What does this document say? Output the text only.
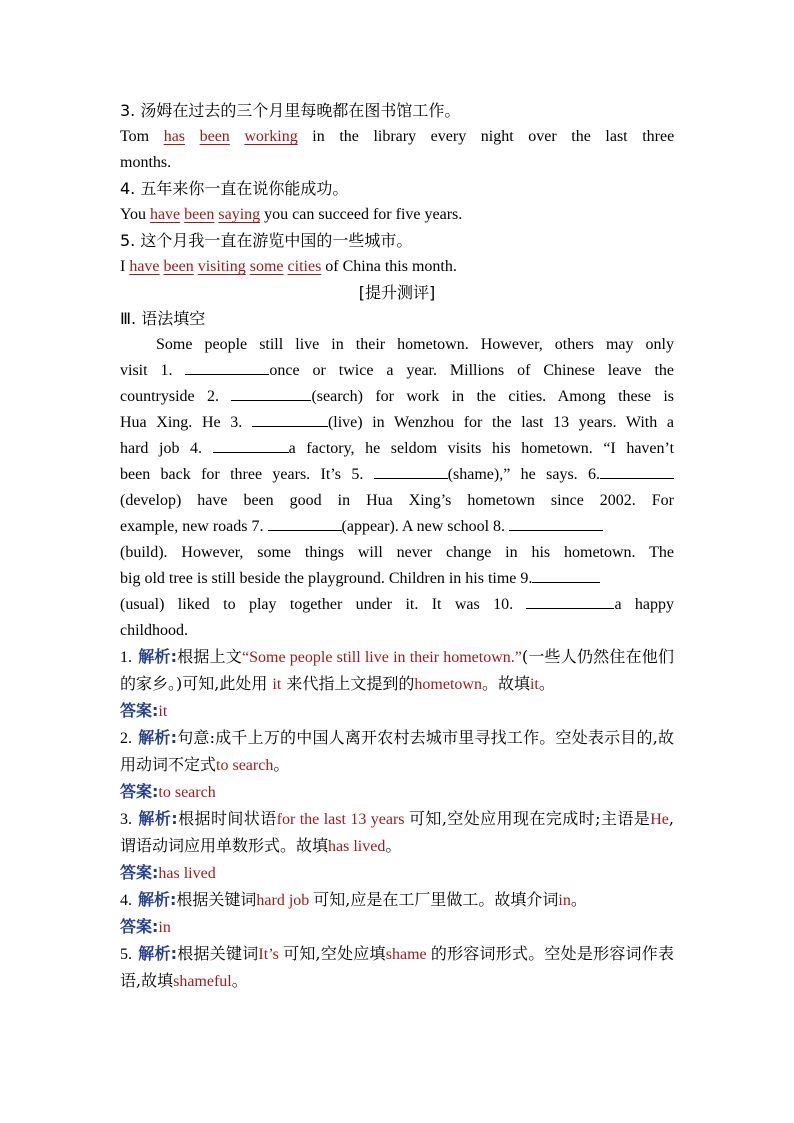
3. 汤姆在过去的三个月里每晚都在图书馆工作。
Tom has been working in the library every night over the last three
months.
4. 五年来你一直在说你能成功。
You have been saying you can succeed for five years.
5. 这个月我一直在游览中国的一些城市。
I have been visiting some cities of China this month.
[提升测评]
Ⅲ. 语法填空
Some people still live in their hometown. However, others may only
visit 1.	once or twice a year. Millions of Chinese leave the
countryside 2.	(search) for work in the cities. Among these is
Hua Xing. He 3.	(live) in Wenzhou for the last 13 years. With a
hard job 4.	a factory, he seldom visits his hometown. “I haven’t
been back for three years. It’s 5.	(shame),” he says. 6.
(develop) have been good in Hua Xing’s hometown since 2002. For
example, new roads 7.	(appear). A new school 8.
(build). However, some things will never change in his hometown. The
big old tree is still beside the playground. Children in his time 9.
(usual) liked to play together under it. It was 10.	a happy
childhood.
1. 解析:根据上文“Some people still live in their hometown.”(一些人仍然住在他们的家乡。)可知,此处用 it 来代指上文提到的hometown。故填it。
答案:it
2. 解析:句意:成千上万的中国人离开农村去城市里寻找工作。空处表示目的,故用动词不定式to search。
答案:to search
3. 解析:根据时间状语for the last 13 years 可知,空处应用现在完成时;主语是He,谓语动词应用单数形式。故填has lived。
答案:has lived
4. 解析:根据关键词hard job 可知,应是在工厂里做工。故填介词in。
答案:in
5. 解析:根据关键词It’s 可知,空处应填shame 的形容词形式。空处是形容词作表语,故填shameful。
